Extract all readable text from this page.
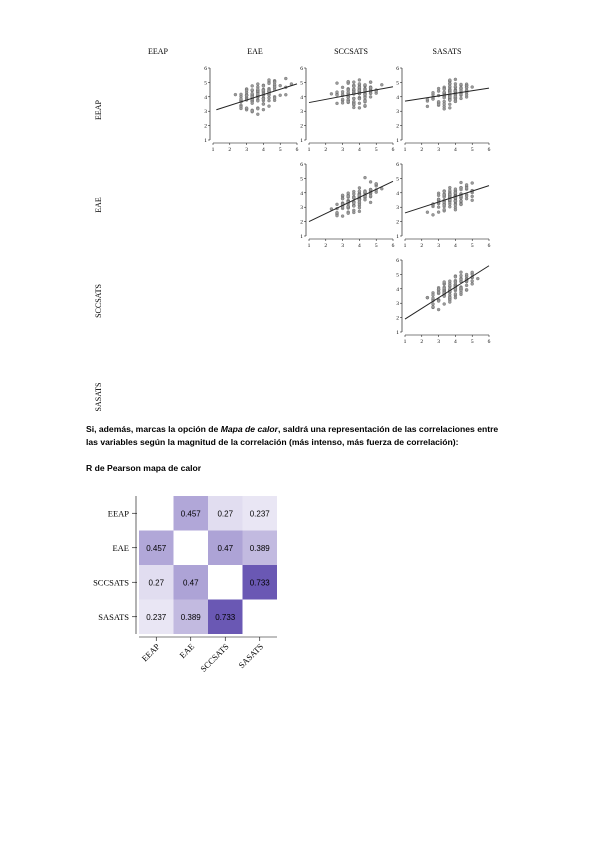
EEAP	EAE	SCCSATS	SASATS
EEAP
EAE
SCCSATS
SASATS
1
1
2
2
3
3
4
4
5
5
6
6
1
1
2
2
3
3
4
4
5
5
6
6
1
1
2
2
3
3
4
4
5
5
6
6
1
1
2
2
3
3
4
4
5
5
6
6
1
1
2
2
3
3
4
4
5
5
6
6
1
1
2
2
3
3
4
4
5
5
6
6
Si, además, marcas la opción de Mapa de calor, saldrá una representación de las correlaciones entre las variables según la magnitud de la correlación (más intenso, más fuerza de correlación):
R de Pearson mapa de calor
EEAP	0.457 0.27 0.237
EAE 0.457	0.47 0.389
SCCSATS 0.27 0.47	0.733
SASATS 0.237 0.389 0.733
EEAP EAE SCCSATS SASATS
